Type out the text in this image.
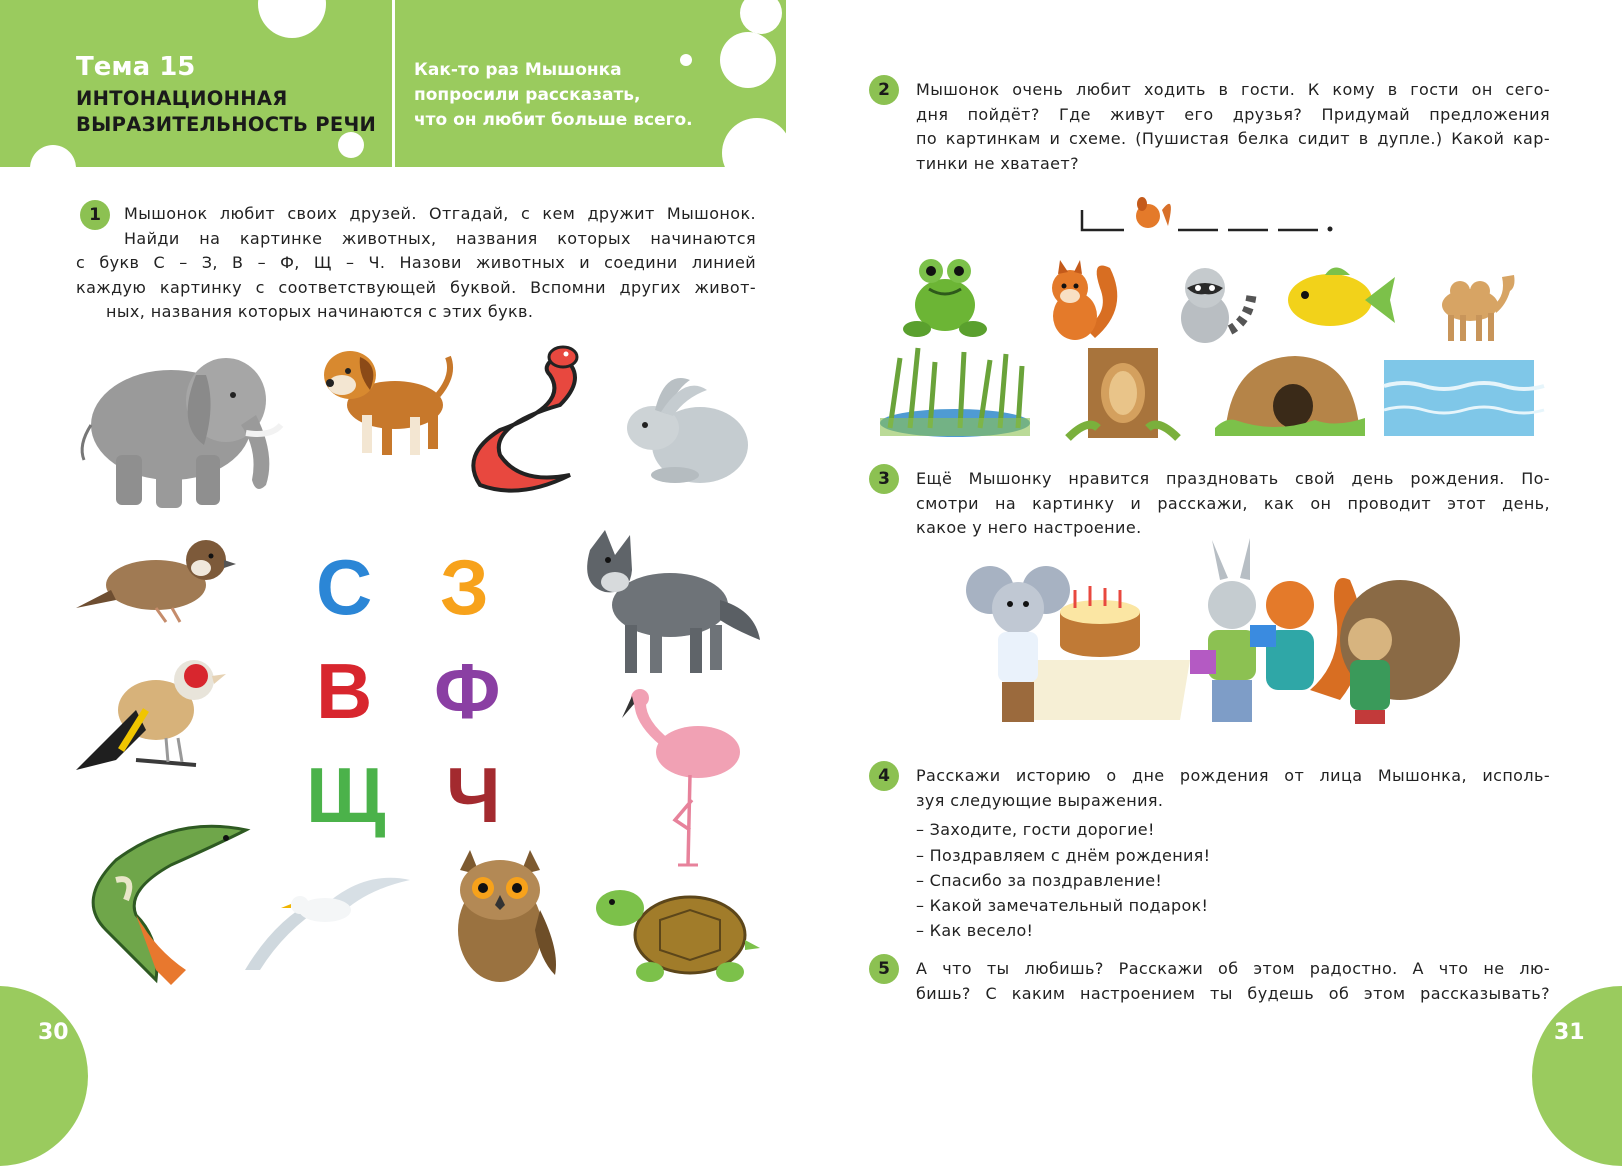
Тема 15
ИНТОНАЦИОННАЯ
ВЫРАЗИТЕЛЬНОСТЬ РЕЧИ
Как-то раз Мышонка
попросили рассказать,
что он любит больше всего.
1	Мышонок любит своих друзей. Отгадай, с кем дружит Мышонок.
Найди на картинке животных, названия которых начинаются
с букв С – З, В – Ф, Щ – Ч. Назови животных и соедини линией
каждую картинку с соответствующей буквой. Вспомни других живот-
ных, названия которых начинаются с этих букв.
С З
В Ф
Щ Ч
30
2	Мышонок очень любит ходить в гости. К кому в гости он сего-
дня пойдёт? Где живут его друзья? Придумай предложения
по картинкам и схеме. (Пушистая белка сидит в дупле.) Какой кар-
тинки не хватает?
3	Ещё Мышонку нравится праздновать свой день рождения. По-
смотри на картинку и расскажи, как он проводит этот день,
какое у него настроение.
4	Расскажи историю о дне рождения от лица Мышонка, исполь-
зуя следующие выражения.
– Заходите, гости дорогие!
– Поздравляем с днём рождения!
– Спасибо за поздравление!
– Какой замечательный подарок!
– Как весело!
5	А что ты любишь? Расскажи об этом радостно. А что не лю-
бишь? С каким настроением ты будешь об этом рассказывать?
31
